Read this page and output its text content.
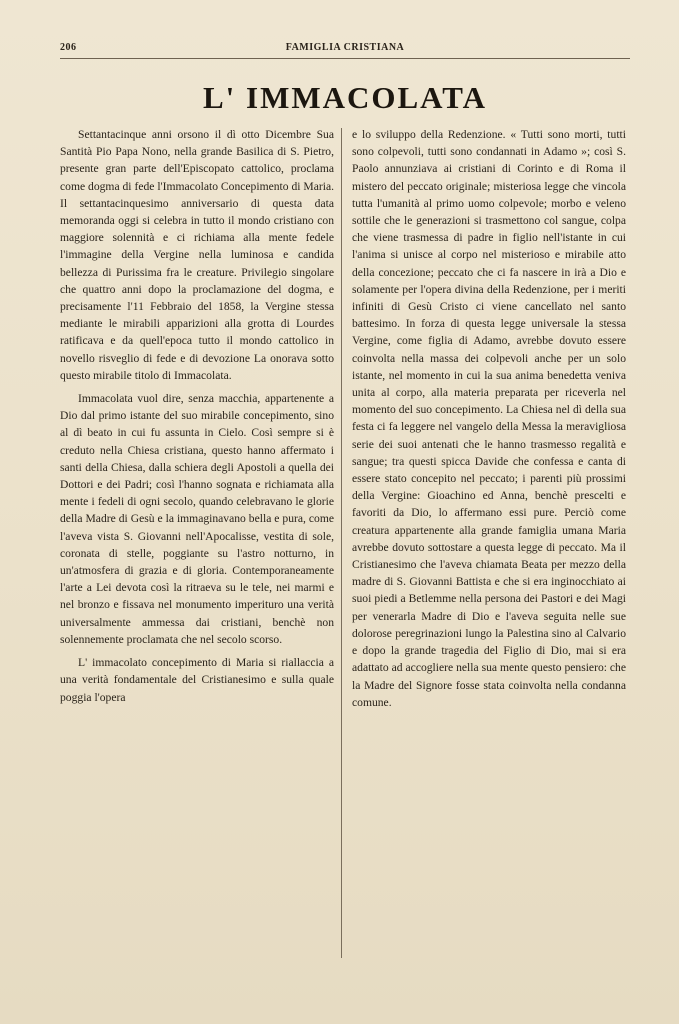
206	FAMIGLIA CRISTIANA
L' IMMACOLATA

Settantacinque anni orsono il dì otto Dicembre Sua Santità Pio Papa Nono, nella grande Basilica di S. Pietro, presente gran parte dell'Episcopato cattolico, proclama come dogma di fede l'Immacolato Concepimento di Maria. Il settantacinquesimo anniversario di questa data memoranda oggi si celebra in tutto il mondo cristiano con maggiore solennità e ci richiama alla mente fedele l'immagine della Vergine nella luminosa e candida bellezza di Purissima fra le creature. Privilegio singolare che quattro anni dopo la proclamazione del dogma, e precisamente l'11 Febbraio del 1858, la Vergine stessa mediante le mirabili apparizioni alla grotta di Lourdes ratificava e da quell'epoca tutto il mondo cattolico in novello risveglio di fede e di devozione La onorava sotto questo mirabile titolo di Immacolata.

Immacolata vuol dire, senza macchia, appartenente a Dio dal primo istante del suo mirabile concepimento, sino al dì beato in cui fu assunta in Cielo. Così sempre si è creduto nella Chiesa cristiana, questo hanno affermato i santi della Chiesa, dalla schiera degli Apostoli a quella dei Dottori e dei Padri; così l'hanno sognata e richiamata alla mente i fedeli di ogni secolo, quando celebravano le glorie della Madre di Gesù e la immaginavano bella e pura, come l'aveva vista S. Giovanni nell'Apocalisse, vestita di sole, coronata di stelle, poggiante su l'astro notturno, in un'atmosfera di grazia e di gloria. Contemporaneamente l'arte a Lei devota così la ritraeva su le tele, nei marmi e nel bronzo e fissava nel monumento imperituro una verità universalmente ammessa dai cristiani, benchè non solennemente proclamata che nel secolo scorso.

L' immacolato concepimento di Maria si riallaccia a una verità fondamentale del Cristianesimo e sulla quale poggia l'opera

e lo sviluppo della Redenzione. « Tutti sono morti, tutti sono colpevoli, tutti sono condannati in Adamo »; così S. Paolo annunziava ai cristiani di Corinto e di Roma il mistero del peccato originale; misteriosa legge che vincola tutta l'umanità al primo uomo colpevole; morbo e veleno sottile che le generazioni si trasmettono col sangue, colpa che viene trasmessa di padre in figlio nell'istante in cui l'anima si unisce al corpo nel misterioso e mirabile atto della concezione; peccato che ci fa nascere in irà a Dio e solamente per l'opera divina della Redenzione, per i meriti infiniti di Gesù Cristo ci viene cancellato nel santo battesimo. In forza di questa legge universale la stessa Vergine, come figlia di Adamo, avrebbe dovuto essere coinvolta nella massa dei colpevoli anche per un solo istante, nel momento in cui la sua anima benedetta veniva unita al corpo, alla materia preparata per riceverla nel momento del suo concepimento. La Chiesa nel dì della sua festa ci fa leggere nel vangelo della Messa la meravigliosa serie dei suoi antenati che le hanno trasmesso regalità e sangue; tra questi spicca Davide che confessa e canta di essere stato concepito nel peccato; i parenti più prossimi della Vergine: Gioachino ed Anna, benchè prescelti e favoriti da Dio, lo affermano essi pure. Perciò come creatura appartenente alla grande famiglia umana Maria avrebbe dovuto sottostare a questa legge di peccato. Ma il Cristianesimo che l'aveva chiamata Beata per mezzo della madre di S. Giovanni Battista e che si era inginocchiato ai suoi piedi a Betlemme nella persona dei Pastori e dei Magi per venerarla Madre di Dio e l'aveva seguita nelle sue dolorose peregrinazioni lungo la Palestina sino al Calvario e dopo la grande tragedia del Figlio di Dio, mai si era adattato ad accogliere nella sua mente questo pensiero: che la Madre del Signore fosse stata coinvolta nella condanna comune.
